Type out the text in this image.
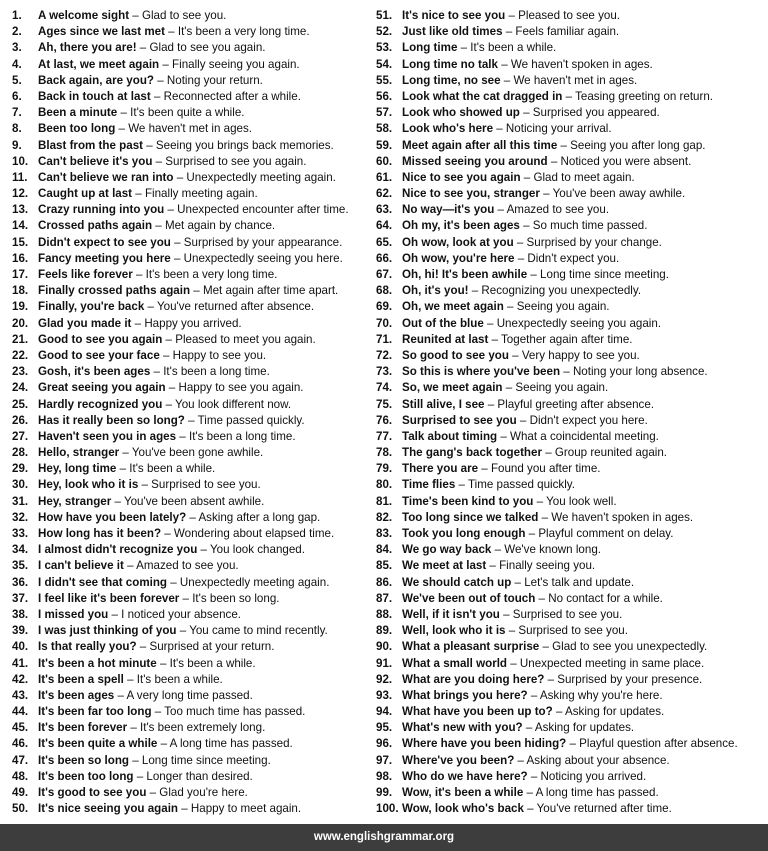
1. A welcome sight – Glad to see you.
2. Ages since we last met – It's been a very long time.
3. Ah, there you are! – Glad to see you again.
4. At last, we meet again – Finally seeing you again.
5. Back again, are you? – Noting your return.
6. Back in touch at last – Reconnected after a while.
7. Been a minute – It's been quite a while.
8. Been too long – We haven't met in ages.
9. Blast from the past – Seeing you brings back memories.
10. Can't believe it's you – Surprised to see you again.
11. Can't believe we ran into – Unexpectedly meeting again.
12. Caught up at last – Finally meeting again.
13. Crazy running into you – Unexpected encounter after time.
14. Crossed paths again – Met again by chance.
15. Didn't expect to see you – Surprised by your appearance.
16. Fancy meeting you here – Unexpectedly seeing you here.
17. Feels like forever – It's been a very long time.
18. Finally crossed paths again – Met again after time apart.
19. Finally, you're back – You've returned after absence.
20. Glad you made it – Happy you arrived.
21. Good to see you again – Pleased to meet you again.
22. Good to see your face – Happy to see you.
23. Gosh, it's been ages – It's been a long time.
24. Great seeing you again – Happy to see you again.
25. Hardly recognized you – You look different now.
26. Has it really been so long? – Time passed quickly.
27. Haven't seen you in ages – It's been a long time.
28. Hello, stranger – You've been gone awhile.
29. Hey, long time – It's been a while.
30. Hey, look who it is – Surprised to see you.
31. Hey, stranger – You've been absent awhile.
32. How have you been lately? – Asking after a long gap.
33. How long has it been? – Wondering about elapsed time.
34. I almost didn't recognize you – You look changed.
35. I can't believe it – Amazed to see you.
36. I didn't see that coming – Unexpectedly meeting again.
37. I feel like it's been forever – It's been so long.
38. I missed you – I noticed your absence.
39. I was just thinking of you – You came to mind recently.
40. Is that really you? – Surprised at your return.
41. It's been a hot minute – It's been a while.
42. It's been a spell – It's been a while.
43. It's been ages – A very long time passed.
44. It's been far too long – Too much time has passed.
45. It's been forever – It's been extremely long.
46. It's been quite a while – A long time has passed.
47. It's been so long – Long time since meeting.
48. It's been too long – Longer than desired.
49. It's good to see you – Glad you're here.
50. It's nice seeing you again – Happy to meet again.
51. It's nice to see you – Pleased to see you.
52. Just like old times – Feels familiar again.
53. Long time – It's been a while.
54. Long time no talk – We haven't spoken in ages.
55. Long time, no see – We haven't met in ages.
56. Look what the cat dragged in – Teasing greeting on return.
57. Look who showed up – Surprised you appeared.
58. Look who's here – Noticing your arrival.
59. Meet again after all this time – Seeing you after long gap.
60. Missed seeing you around – Noticed you were absent.
61. Nice to see you again – Glad to meet again.
62. Nice to see you, stranger – You've been away awhile.
63. No way—it's you – Amazed to see you.
64. Oh my, it's been ages – So much time passed.
65. Oh wow, look at you – Surprised by your change.
66. Oh wow, you're here – Didn't expect you.
67. Oh, hi! It's been awhile – Long time since meeting.
68. Oh, it's you! – Recognizing you unexpectedly.
69. Oh, we meet again – Seeing you again.
70. Out of the blue – Unexpectedly seeing you again.
71. Reunited at last – Together again after time.
72. So good to see you – Very happy to see you.
73. So this is where you've been – Noting your long absence.
74. So, we meet again – Seeing you again.
75. Still alive, I see – Playful greeting after absence.
76. Surprised to see you – Didn't expect you here.
77. Talk about timing – What a coincidental meeting.
78. The gang's back together – Group reunited again.
79. There you are – Found you after time.
80. Time flies – Time passed quickly.
81. Time's been kind to you – You look well.
82. Too long since we talked – We haven't spoken in ages.
83. Took you long enough – Playful comment on delay.
84. We go way back – We've known long.
85. We meet at last – Finally seeing you.
86. We should catch up – Let's talk and update.
87. We've been out of touch – No contact for a while.
88. Well, if it isn't you – Surprised to see you.
89. Well, look who it is – Surprised to see you.
90. What a pleasant surprise – Glad to see you unexpectedly.
91. What a small world – Unexpected meeting in same place.
92. What are you doing here? – Surprised by your presence.
93. What brings you here? – Asking why you're here.
94. What have you been up to? – Asking for updates.
95. What's new with you? – Asking for updates.
96. Where have you been hiding? – Playful question after absence.
97. Where've you been? – Asking about your absence.
98. Who do we have here? – Noticing you arrived.
99. Wow, it's been a while – A long time has passed.
100. Wow, look who's back – You've returned after time.
www.englishgrammar.org
